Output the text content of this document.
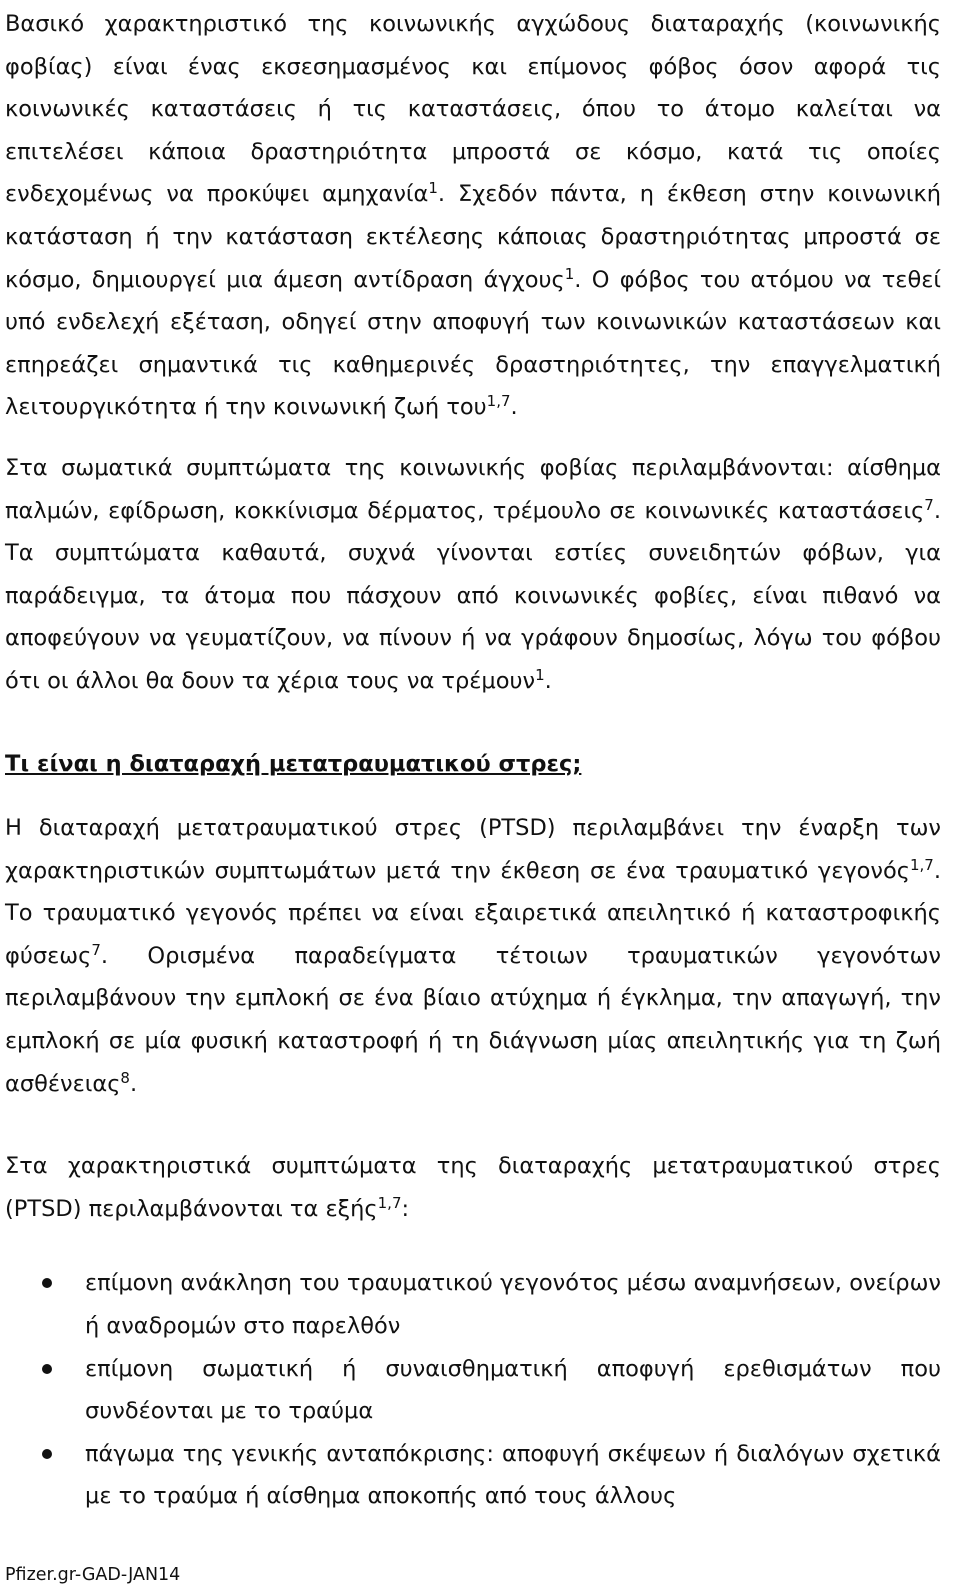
Βασικό χαρακτηριστικό της κοινωνικής αγχώδους διαταραχής (κοινωνικής φοβίας) είναι ένας εκσεσημασμένος και επίμονος φόβος όσον αφορά τις κοινωνικές καταστάσεις ή τις καταστάσεις, όπου το άτομο καλείται να επιτελέσει κάποια δραστηριότητα μπροστά σε κόσμο, κατά τις οποίες ενδεχομένως να προκύψει αμηχανία$^1$. Σχεδόν πάντα, η έκθεση στην κοινωνική κατάσταση ή την κατάσταση εκτέλεσης κάποιας δραστηριότητας μπροστά σε κόσμο, δημιουργεί μια άμεση αντίδραση άγχους$^1$. Ο φόβος του ατόμου να τεθεί υπό ενδελεχή εξέταση, οδηγεί στην αποφυγή των κοινωνικών καταστάσεων και επηρεάζει σημαντικά τις καθημερινές δραστηριότητες, την επαγγελματική λειτουργικότητα ή την κοινωνική ζωή του$^{1,7}$.

Στα σωματικά συμπτώματα της κοινωνικής φοβίας περιλαμβάνονται: αίσθημα παλμών, εφίδρωση, κοκκίνισμα δέρματος, τρέμουλο σε κοινωνικές καταστάσεις$^7$. Τα συμπτώματα καθαυτά, συχνά γίνονται εστίες συνειδητών φόβων, για παράδειγμα, τα άτομα που πάσχουν από κοινωνικές φοβίες, είναι πιθανό να αποφεύγουν να γευματίζουν, να πίνουν ή να γράφουν δημοσίως, λόγω του φόβου ότι οι άλλοι θα δουν τα χέρια τους να τρέμουν$^1$.

Τι είναι η διαταραχή μετατραυματικού στρες;

Η διαταραχή μετατραυματικού στρες (PTSD) περιλαμβάνει την έναρξη των χαρακτηριστικών συμπτωμάτων μετά την έκθεση σε ένα τραυματικό γεγονός$^{1,7}$. Το τραυματικό γεγονός πρέπει να είναι εξαιρετικά απειλητικό ή καταστροφικής φύσεως$^7$. Ορισμένα παραδείγματα τέτοιων τραυματικών γεγονότων περιλαμβάνουν την εμπλοκή σε ένα βίαιο ατύχημα ή έγκλημα, την απαγωγή, την εμπλοκή σε μία φυσική καταστροφή ή τη διάγνωση μίας απειλητικής για τη ζωή ασθένειας$^8$.

Στα χαρακτηριστικά συμπτώματα της διαταραχής μετατραυματικού στρες (PTSD) περιλαμβάνονται τα εξής$^{1,7}$:

επίμονη ανάκληση του τραυματικού γεγονότος μέσω αναμνήσεων, ονείρων ή αναδρομών στο παρελθόν
επίμονη σωματική ή συναισθηματική αποφυγή ερεθισμάτων που συνδέονται με το τραύμα
πάγωμα της γενικής ανταπόκρισης: αποφυγή σκέψεων ή διαλόγων σχετικά με το τραύμα ή αίσθημα αποκοπής από τους άλλους
Pfizer.gr-GAD-JAN14
